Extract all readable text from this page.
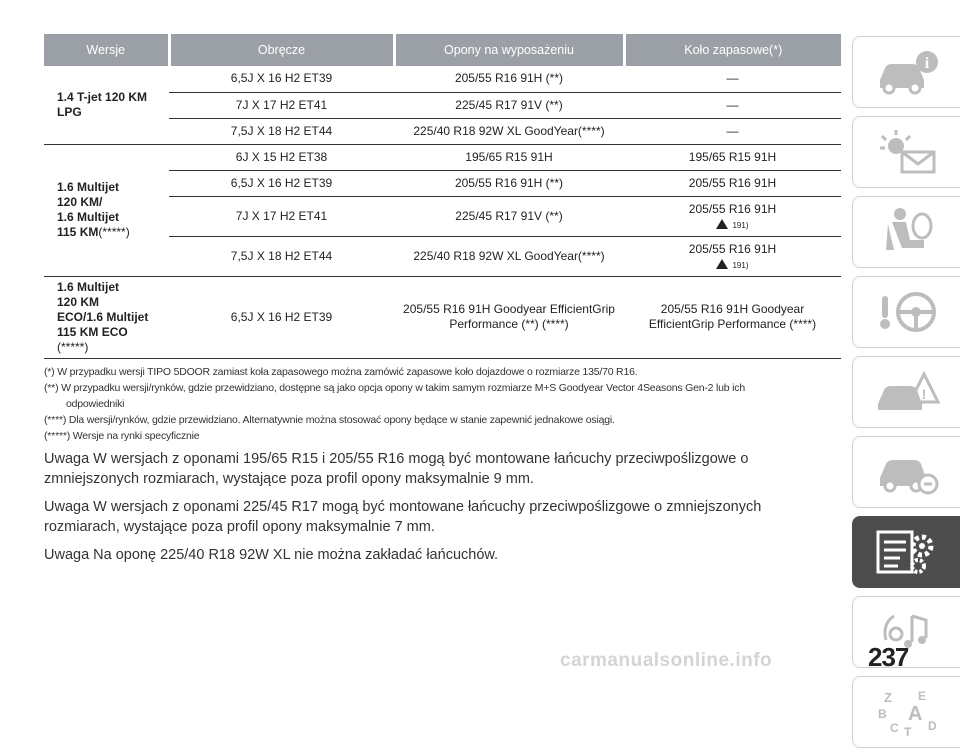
Wersje	Obręcze	Opony na wyposażeniu	Koło zapasowe(*)

1.4 T-jet 120 KM
LPG	6,5J X 16 H2 ET39	205/55 R16 91H (**)	—
	7J X 17 H2 ET41	225/45 R17 91V (**)	—
	7,5J X 18 H2 ET44	225/40 R18 92W XL GoodYear(****)	—

1.6 Multijet
120 KM/
1.6 Multijet
115 KM(*****)	6J X 15 H2 ET38	195/65 R15 91H	195/65 R15 91H
	6,5J X 16 H2 ET39	205/55 R16 91H (**)	205/55 R16 91H
	7J X 17 H2 ET41	225/45 R17 91V (**)	205/55 R16 91H
191)

	7,5J X 18 H2 ET44	225/40 R18 92W XL GoodYear(****)	205/55 R16 91H
191)

1.6 Multijet
120 KM
ECO/1.6 Multijet
115 KM ECO
(*****)	6,5J X 16 H2 ET39	205/55 R16 91H Goodyear EfficientGrip Performance (**) (****)	205/55 R16 91H Goodyear EfficientGrip Performance (****)

(*) W przypadku wersji TIPO 5DOOR zamiast koła zapasowego można zamówić zapasowe koło dojazdowe o rozmiarze 135/70 R16.

(**) W przypadku wersji/rynków, gdzie przewidziano, dostępne są jako opcja opony w takim samym rozmiarze M+S Goodyear Vector 4Seasons Gen-2 lub ich

odpowiedniki

(****) Dla wersji/rynków, gdzie przewidziano. Alternatywnie można stosować opony będące w stanie zapewnić jednakowe osiągi.

(*****) Wersje na rynki specyficznie

Uwaga W wersjach z oponami 195/65 R15 i 205/55 R16 mogą być montowane łańcuchy przeciwpoślizgowe o zmniejszonych rozmiarach, wystające poza profil opony maksymalnie 9 mm.

Uwaga W wersjach z oponami 225/45 R17 mogą być montowane łańcuchy przeciwpoślizgowe o zmniejszonych rozmiarach, wystające poza profil opony maksymalnie 7 mm.

Uwaga Na oponę 225/40 R18 92W XL nie można zakładać łańcuchów.

i
!
Z E
B A
C T D
carmanualsonline.info	237
